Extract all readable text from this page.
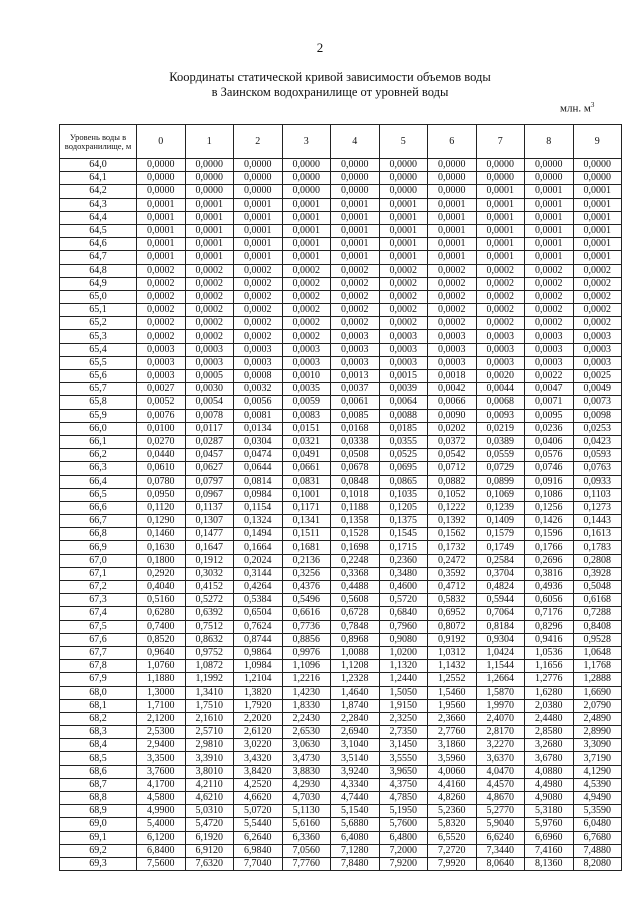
2
Координаты статической кривой зависимости объемов воды
в Заинском водохранилище от уровней воды
млн. $м^3$
Уровень воды в водохранилище, м	0	1	2	3	4	5	6	7	8	9
64,0	0,0000	0,0000	0,0000	0,0000	0,0000	0,0000	0,0000	0,0000	0,0000	0,0000
64,1	0,0000	0,0000	0,0000	0,0000	0,0000	0,0000	0,0000	0,0000	0,0000	0,0000
64,2	0,0000	0,0000	0,0000	0,0000	0,0000	0,0000	0,0000	0,0001	0,0001	0,0001
64,3	0,0001	0,0001	0,0001	0,0001	0,0001	0,0001	0,0001	0,0001	0,0001	0,0001
64,4	0,0001	0,0001	0,0001	0,0001	0,0001	0,0001	0,0001	0,0001	0,0001	0,0001
64,5	0,0001	0,0001	0,0001	0,0001	0,0001	0,0001	0,0001	0,0001	0,0001	0,0001
64,6	0,0001	0,0001	0,0001	0,0001	0,0001	0,0001	0,0001	0,0001	0,0001	0,0001
64,7	0,0001	0,0001	0,0001	0,0001	0,0001	0,0001	0,0001	0,0001	0,0001	0,0001
64,8	0,0002	0,0002	0,0002	0,0002	0,0002	0,0002	0,0002	0,0002	0,0002	0,0002
64,9	0,0002	0,0002	0,0002	0,0002	0,0002	0,0002	0,0002	0,0002	0,0002	0,0002
65,0	0,0002	0,0002	0,0002	0,0002	0,0002	0,0002	0,0002	0,0002	0,0002	0,0002
65,1	0,0002	0,0002	0,0002	0,0002	0,0002	0,0002	0,0002	0,0002	0,0002	0,0002
65,2	0,0002	0,0002	0,0002	0,0002	0,0002	0,0002	0,0002	0,0002	0,0002	0,0002
65,3	0,0002	0,0002	0,0002	0,0002	0,0003	0,0003	0,0003	0,0003	0,0003	0,0003
65,4	0,0003	0,0003	0,0003	0,0003	0,0003	0,0003	0,0003	0,0003	0,0003	0,0003
65,5	0,0003	0,0003	0,0003	0,0003	0,0003	0,0003	0,0003	0,0003	0,0003	0,0003
65,6	0,0003	0,0005	0,0008	0,0010	0,0013	0,0015	0,0018	0,0020	0,0022	0,0025
65,7	0,0027	0,0030	0,0032	0,0035	0,0037	0,0039	0,0042	0,0044	0,0047	0,0049
65,8	0,0052	0,0054	0,0056	0,0059	0,0061	0,0064	0,0066	0,0068	0,0071	0,0073
65,9	0,0076	0,0078	0,0081	0,0083	0,0085	0,0088	0,0090	0,0093	0,0095	0,0098
66,0	0,0100	0,0117	0,0134	0,0151	0,0168	0,0185	0,0202	0,0219	0,0236	0,0253
66,1	0,0270	0,0287	0,0304	0,0321	0,0338	0,0355	0,0372	0,0389	0,0406	0,0423
66,2	0,0440	0,0457	0,0474	0,0491	0,0508	0,0525	0,0542	0,0559	0,0576	0,0593
66,3	0,0610	0,0627	0,0644	0,0661	0,0678	0,0695	0,0712	0,0729	0,0746	0,0763
66,4	0,0780	0,0797	0,0814	0,0831	0,0848	0,0865	0,0882	0,0899	0,0916	0,0933
66,5	0,0950	0,0967	0,0984	0,1001	0,1018	0,1035	0,1052	0,1069	0,1086	0,1103
66,6	0,1120	0,1137	0,1154	0,1171	0,1188	0,1205	0,1222	0,1239	0,1256	0,1273
66,7	0,1290	0,1307	0,1324	0,1341	0,1358	0,1375	0,1392	0,1409	0,1426	0,1443
66,8	0,1460	0,1477	0,1494	0,1511	0,1528	0,1545	0,1562	0,1579	0,1596	0,1613
66,9	0,1630	0,1647	0,1664	0,1681	0,1698	0,1715	0,1732	0,1749	0,1766	0,1783
67,0	0,1800	0,1912	0,2024	0,2136	0,2248	0,2360	0,2472	0,2584	0,2696	0,2808
67,1	0,2920	0,3032	0,3144	0,3256	0,3368	0,3480	0,3592	0,3704	0,3816	0,3928
67,2	0,4040	0,4152	0,4264	0,4376	0,4488	0,4600	0,4712	0,4824	0,4936	0,5048
67,3	0,5160	0,5272	0,5384	0,5496	0,5608	0,5720	0,5832	0,5944	0,6056	0,6168
67,4	0,6280	0,6392	0,6504	0,6616	0,6728	0,6840	0,6952	0,7064	0,7176	0,7288
67,5	0,7400	0,7512	0,7624	0,7736	0,7848	0,7960	0,8072	0,8184	0,8296	0,8408
67,6	0,8520	0,8632	0,8744	0,8856	0,8968	0,9080	0,9192	0,9304	0,9416	0,9528
67,7	0,9640	0,9752	0,9864	0,9976	1,0088	1,0200	1,0312	1,0424	1,0536	1,0648
67,8	1,0760	1,0872	1,0984	1,1096	1,1208	1,1320	1,1432	1,1544	1,1656	1,1768
67,9	1,1880	1,1992	1,2104	1,2216	1,2328	1,2440	1,2552	1,2664	1,2776	1,2888
68,0	1,3000	1,3410	1,3820	1,4230	1,4640	1,5050	1,5460	1,5870	1,6280	1,6690
68,1	1,7100	1,7510	1,7920	1,8330	1,8740	1,9150	1,9560	1,9970	2,0380	2,0790
68,2	2,1200	2,1610	2,2020	2,2430	2,2840	2,3250	2,3660	2,4070	2,4480	2,4890
68,3	2,5300	2,5710	2,6120	2,6530	2,6940	2,7350	2,7760	2,8170	2,8580	2,8990
68,4	2,9400	2,9810	3,0220	3,0630	3,1040	3,1450	3,1860	3,2270	3,2680	3,3090
68,5	3,3500	3,3910	3,4320	3,4730	3,5140	3,5550	3,5960	3,6370	3,6780	3,7190
68,6	3,7600	3,8010	3,8420	3,8830	3,9240	3,9650	4,0060	4,0470	4,0880	4,1290
68,7	4,1700	4,2110	4,2520	4,2930	4,3340	4,3750	4,4160	4,4570	4,4980	4,5390
68,8	4,5800	4,6210	4,6620	4,7030	4,7440	4,7850	4,8260	4,8670	4,9080	4,9490
68,9	4,9900	5,0310	5,0720	5,1130	5,1540	5,1950	5,2360	5,2770	5,3180	5,3590
69,0	5,4000	5,4720	5,5440	5,6160	5,6880	5,7600	5,8320	5,9040	5,9760	6,0480
69,1	6,1200	6,1920	6,2640	6,3360	6,4080	6,4800	6,5520	6,6240	6,6960	6,7680
69,2	6,8400	6,9120	6,9840	7,0560	7,1280	7,2000	7,2720	7,3440	7,4160	7,4880
69,3	7,5600	7,6320	7,7040	7,7760	7,8480	7,9200	7,9920	8,0640	8,1360	8,2080
